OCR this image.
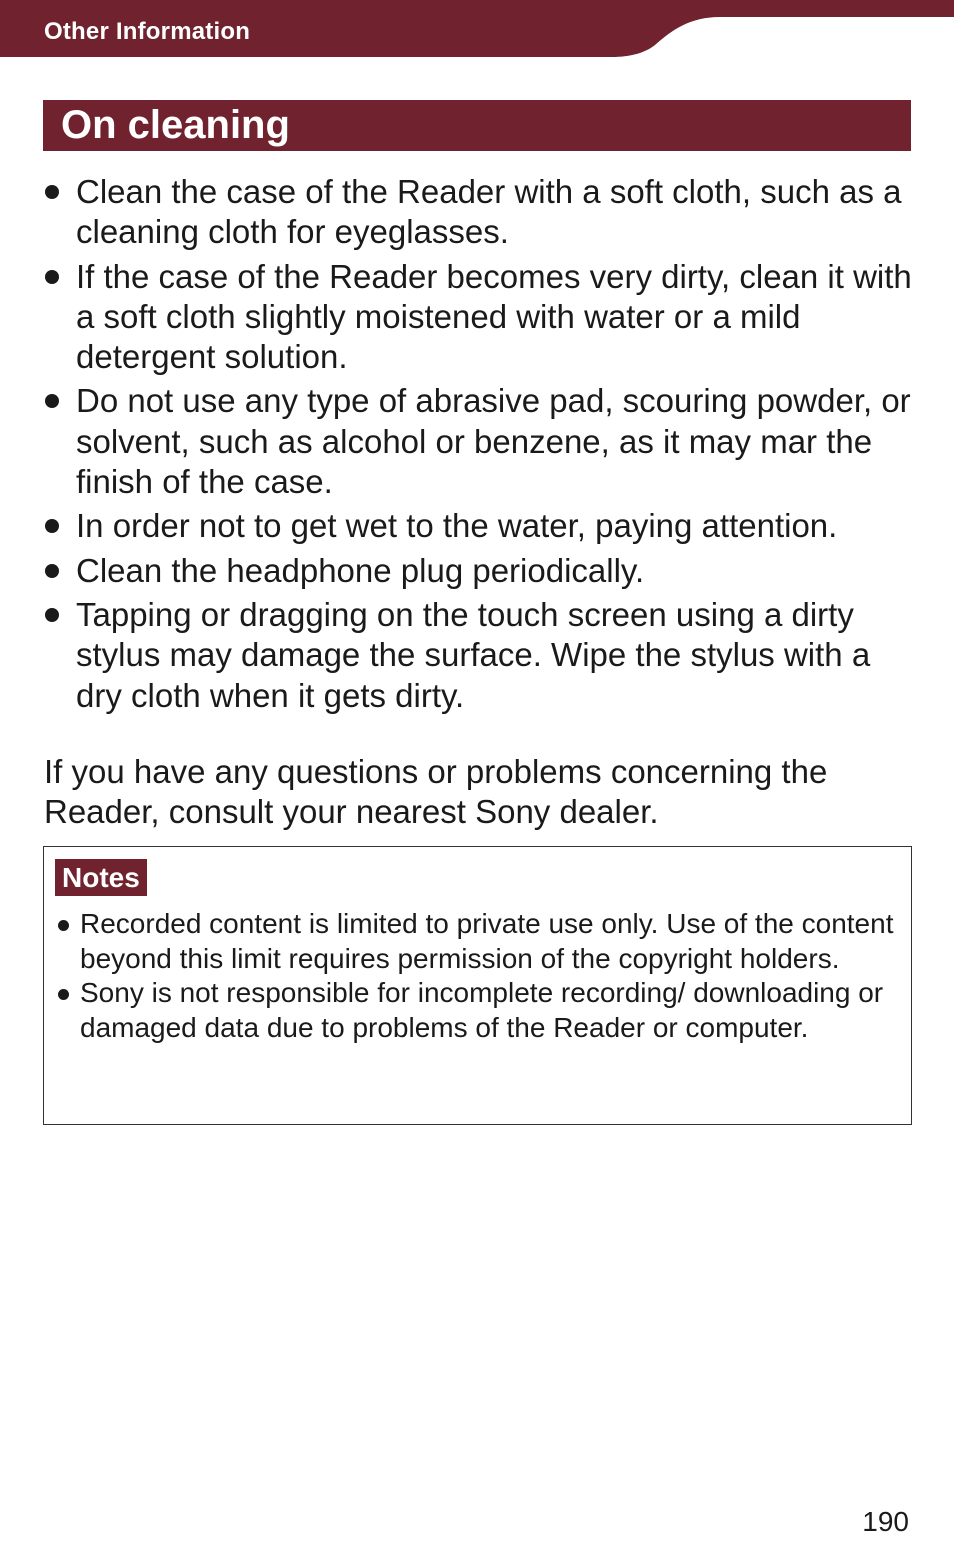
Other Information
On cleaning
Clean the case of the Reader with a soft cloth, such as a cleaning cloth for eyeglasses.
If the case of the Reader becomes very dirty, clean it with a soft cloth slightly moistened with water or a mild detergent solution.
Do not use any type of abrasive pad, scouring powder, or solvent, such as alcohol or benzene, as it may mar the finish of the case.
In order not to get wet to the water, paying attention.
Clean the headphone plug periodically.
Tapping or dragging on the touch screen using a dirty stylus may damage the surface. Wipe the stylus with a dry cloth when it gets dirty.

If you have any questions or problems concerning the Reader, consult your nearest Sony dealer.

Notes
Recorded content is limited to private use only. Use of the content beyond this limit requires permission of the copyright holders.
Sony is not responsible for incomplete recording/ downloading or damaged data due to problems of the Reader or computer.
190
